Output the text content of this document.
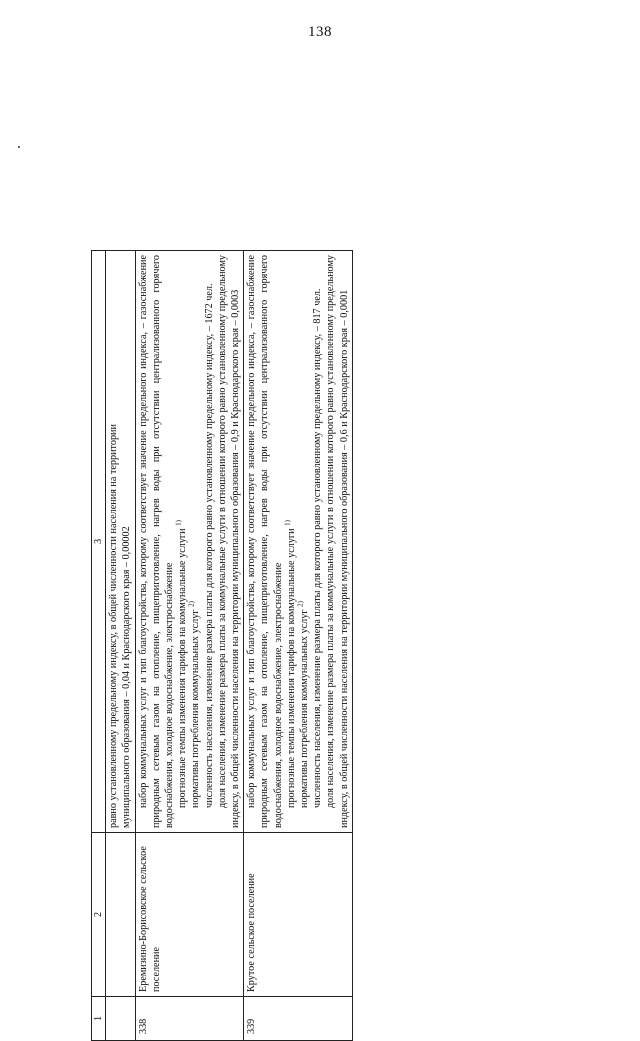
138
1	2	3

		равно установленному предельному индексу, в общей численности населения на территории муниципального образования – 0,04 и Краснодарского края – 0,00002

338	Еремизино-Борисовское сельское поселение	набор коммунальных услуг и тип благоустройства, которому соответствует значение предельного индекса, – газоснабжение природным сетевым газом на отопление, пищеприготовление, нагрев воды при отсутствии централизованного горячего водоснабжения, холодное водоснабжение, электроснабжение прогнозные темпы изменения тарифов на коммунальные услуги $^{1)}$

нормативы потребления коммунальных услуг $^{2)}$ численность населения, изменение размера платы для которого равно установленному предельному индексу, – 1672 чел. доля населения, изменение размера платы за коммунальные услуги в отношении которого равно установленному предельному индексу, в общей численности населения на территории муниципального образования – 0,9 и Краснодарского края – 0,0003

339	Крутое сельское поселение	набор коммунальных услуг и тип благоустройства, которому соответствует значение предельного индекса, – газоснабжение природным сетевым газом на отопление, пищеприготовление, нагрев воды при отсутствии централизованного горячего водоснабжения, холодное водоснабжение, электроснабжение прогнозные темпы изменения тарифов на коммунальные услуги $^{1)}$

нормативы потребления коммунальных услуг $^{2)}$ численность населения, изменение размера платы для которого равно установленному предельному индексу, – 817 чел. доля населения, изменение размера платы за коммунальные услуги в отношении которого равно установленному предельному индексу, в общей численности населения на территории муниципального образования – 0,6 и Краснодарского края – 0,0001
